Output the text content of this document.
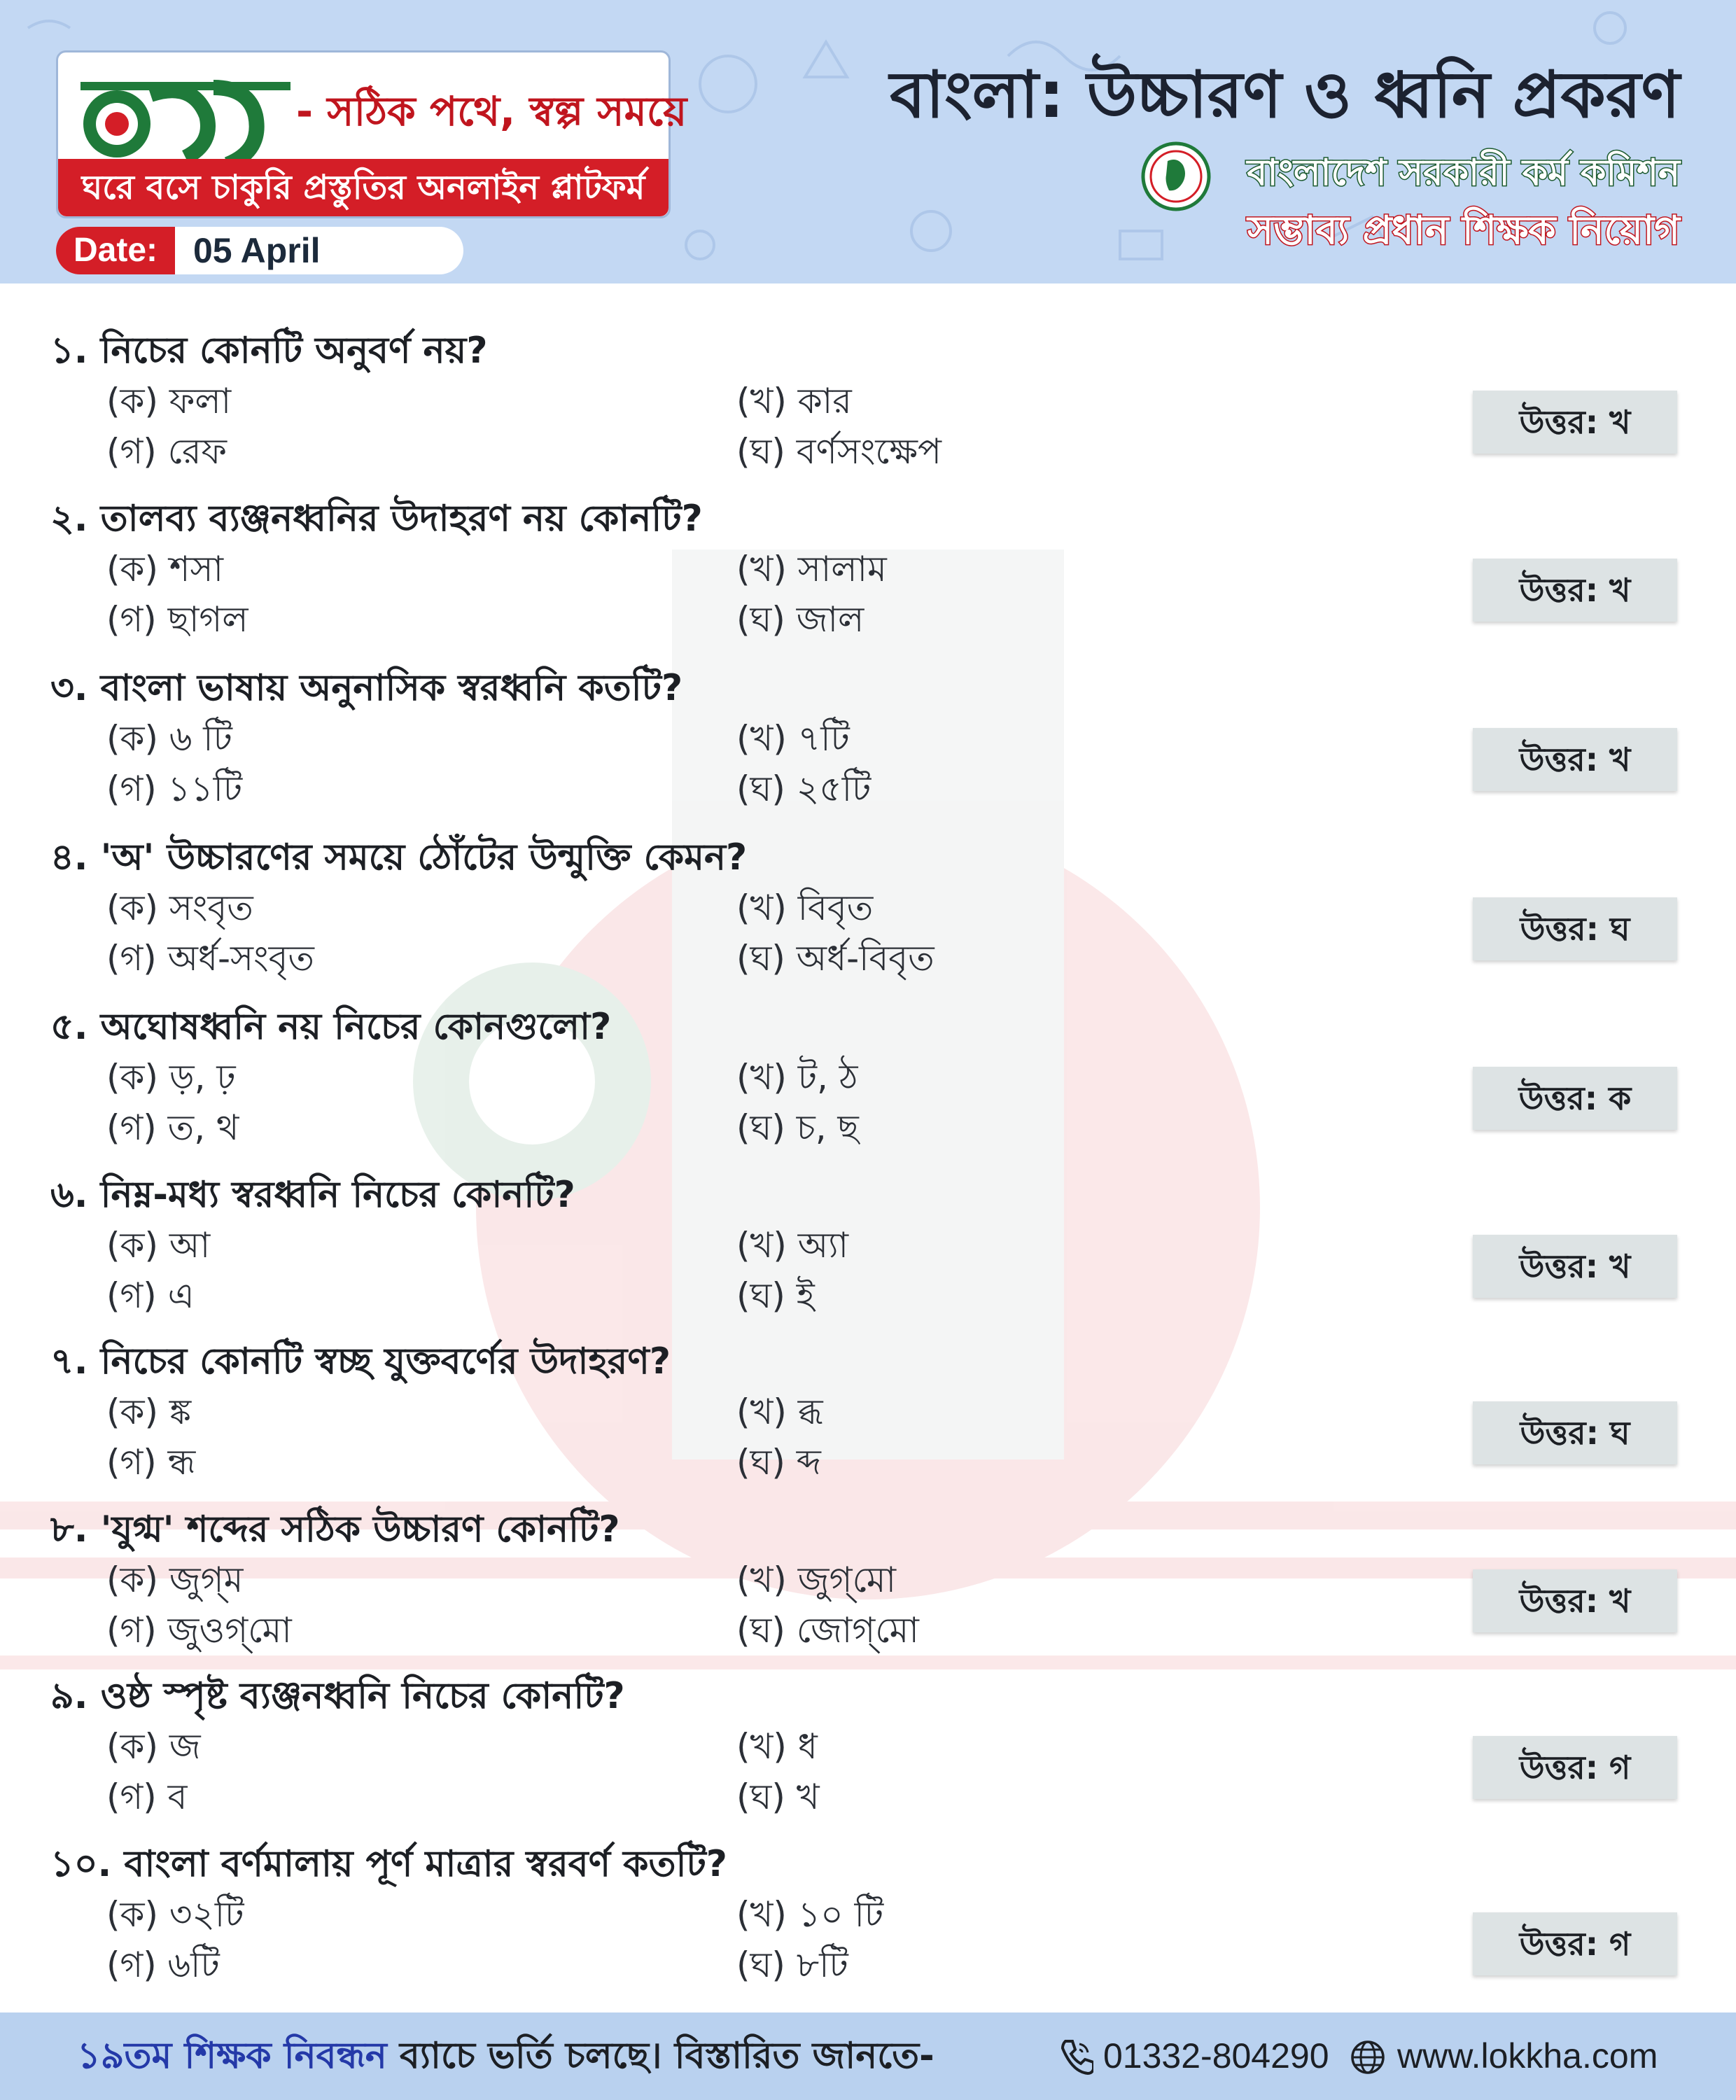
- সঠিক পথে, স্বল্প সময়ে
ঘরে বসে চাকুরি প্রস্তুতির অনলাইন প্লাটফর্ম
Date:	05 April
বাংলা: উচ্চারণ ও ধ্বনি প্রকরণ
বাংলাদেশ সরকারী কর্ম কমিশন
সম্ভাব্য প্রধান শিক্ষক নিয়োগ
১. নিচের কোনটি অনুবর্ণ নয়?
(ক) ফলা	(খ) কার
(গ) রেফ	(ঘ) বর্ণসংক্ষেপ
উত্তর: খ
২. তালব্য ব্যঞ্জনধ্বনির উদাহরণ নয় কোনটি?
(ক) শসা	(খ) সালাম
(গ) ছাগল	(ঘ) জাল
উত্তর: খ
৩. বাংলা ভাষায় অনুনাসিক স্বরধ্বনি কতটি?
(ক) ৬ টি	(খ) ৭টি
(গ) ১১টি	(ঘ) ২৫টি
উত্তর: খ
৪. 'অ' উচ্চারণের সময়ে ঠোঁটের উন্মুক্তি কেমন?
(ক) সংবৃত	(খ) বিবৃত
(গ) অর্ধ-সংবৃত	(ঘ) অর্ধ-বিবৃত
উত্তর: ঘ
৫. অঘোষধ্বনি নয় নিচের কোনগুলো?
(ক) ড়, ঢ়	(খ) ট, ঠ
(গ) ত, থ	(ঘ) চ, ছ
উত্তর: ক
৬. নিম্ন-মধ্য স্বরধ্বনি নিচের কোনটি?
(ক) আ	(খ) অ্যা
(গ) এ	(ঘ) ই
উত্তর: খ
৭. নিচের কোনটি স্বচ্ছ যুক্তবর্ণের উদাহরণ?
(ক) ঙ্ক	(খ) ব্ধ
(গ) ন্ধ	(ঘ) ব্দ
উত্তর: ঘ
৮. 'যুগ্ম' শব্দের সঠিক উচ্চারণ কোনটি?
(ক) জুগ্‌ম	(খ) জুগ্‌মো
(গ) জুওগ্‌মো	(ঘ) জোগ্‌মো
উত্তর: খ
৯. ওষ্ঠ স্পৃষ্ট ব্যঞ্জনধ্বনি নিচের কোনটি?
(ক) জ	(খ) ধ
(গ) ব	(ঘ) খ
উত্তর: গ
১০. বাংলা বর্ণমালায় পূর্ণ মাত্রার স্বরবর্ণ কতটি?
(ক) ৩২টি	(খ) ১০ টি
(গ) ৬টি	(ঘ) ৮টি
উত্তর: গ
১৯তম শিক্ষক নিবন্ধন ব্যাচে ভর্তি চলছে। বিস্তারিত জানতে-	01332-804290 www.lokkha.com
